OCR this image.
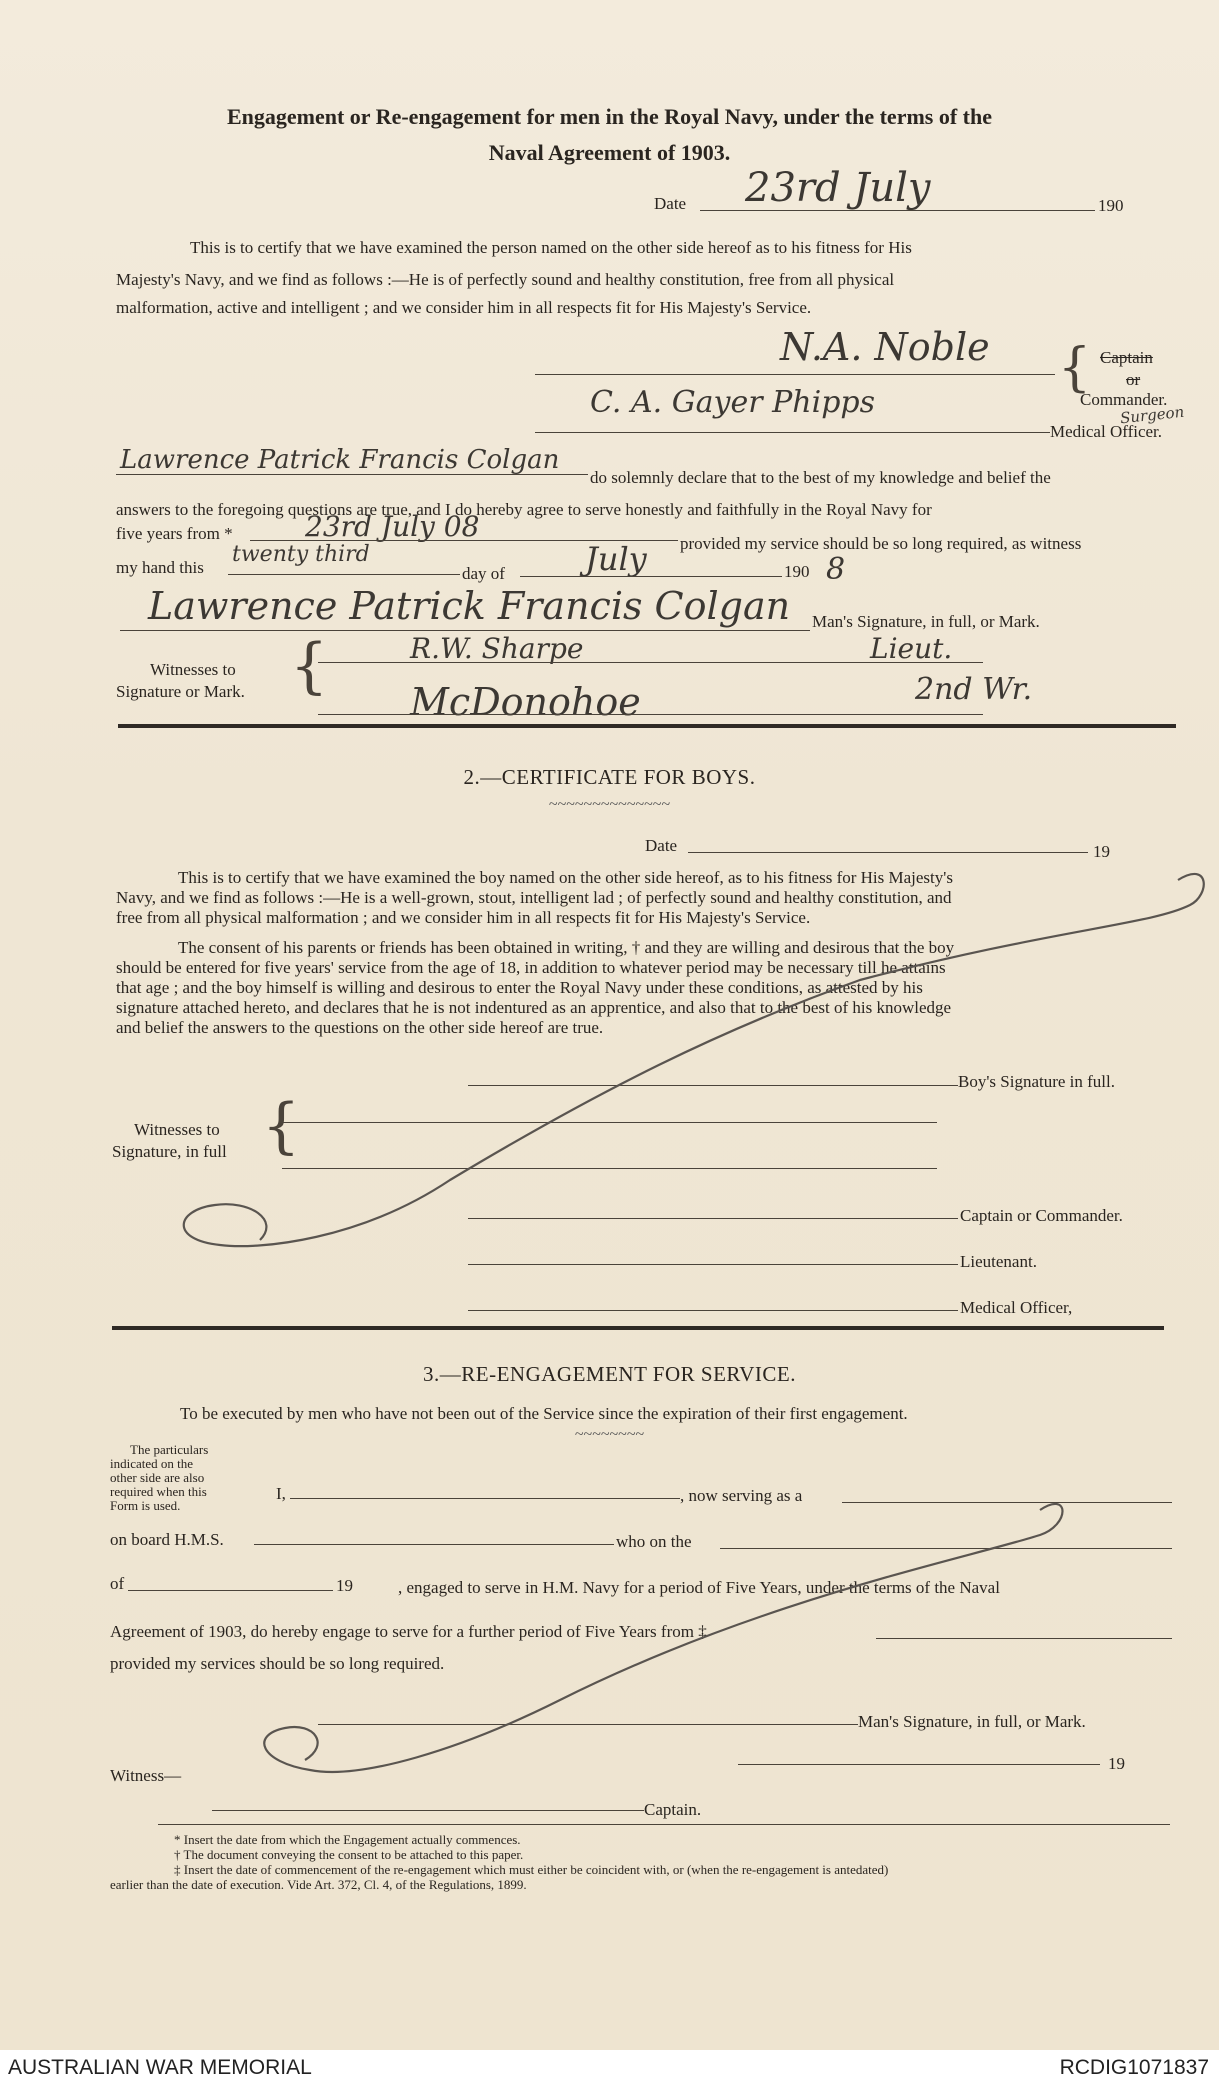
Engagement or Re-engagement for men in the Royal Navy, under the terms of the
Naval Agreement of 1903.
Date 23rd July	190
This is to certify that we have examined the person named on the other side hereof as to his fitness for His
Majesty's Navy, and we find as follows :—He is of perfectly sound and healthy constitution, free from all physical
malformation, active and intelligent ; and we consider him in all respects fit for His Majesty's Service.
N.A. Noble { Captain
or
Commander.
Surgeon
C. A. Gayer Phipps
Medical Officer.
Lawrence Patrick Francis Colgan
do solemnly declare that to the best of my knowledge and belief the
answers to the foregoing questions are true, and I do hereby agree to serve honestly and faithfully in the Royal Navy for
five years from *	23rd July 08
provided my service should be so long required, as witness
my hand this
twenty third
day of	July	190 8
Lawrence Patrick Francis Colgan Man's Signature, in full, or Mark.
Witnesses to
Signature or Mark. {	R.W. Sharpe	Lieut.
McDonohoe	2nd Wr.
2.—CERTIFICATE FOR BOYS.
~~~~~~~~~~~~~~
Date	19
This is to certify that we have examined the boy named on the other side hereof, as to his fitness for His Majesty's
Navy, and we find as follows :—He is a well-grown, stout, intelligent lad ; of perfectly sound and healthy constitution, and
free from all physical malformation ; and we consider him in all respects fit for His Majesty's Service.
The consent of his parents or friends has been obtained in writing, † and they are willing and desirous that the boy
should be entered for five years' service from the age of 18, in addition to whatever period may be necessary till he attains
that age ; and the boy himself is willing and desirous to enter the Royal Navy under these conditions, as attested by his
signature attached hereto, and declares that he is not indentured as an apprentice, and also that to the best of his knowledge
and belief the answers to the questions on the other side hereof are true.
Boy's Signature in full.
Witnesses to
Signature, in full {
Captain or Commander.
Lieutenant.
Medical Officer,
3.—RE-ENGAGEMENT FOR SERVICE.
To be executed by men who have not been out of the Service since the expiration of their first engagement.
~~~~~~~~
The particulars
indicated on the
other side are also
required when this
Form is used.
I,	, now serving as a
on board H.M.S.	who on the
of	19	, engaged to serve in H.M. Navy for a period of Five Years, under the terms of the Naval
Agreement of 1903, do hereby engage to serve for a further period of Five Years from ‡
provided my services should be so long required.
Man's Signature, in full, or Mark.
19
Witness—
Captain.
* Insert the date from which the Engagement actually commences.
† The document conveying the consent to be attached to this paper.
‡ Insert the date of commencement of the re-engagement which must either be coincident with, or (when the re-engagement is antedated)
earlier than the date of execution. Vide Art. 372, Cl. 4, of the Regulations, 1899.
AUSTRALIAN WAR MEMORIAL	RCDIG1071837
